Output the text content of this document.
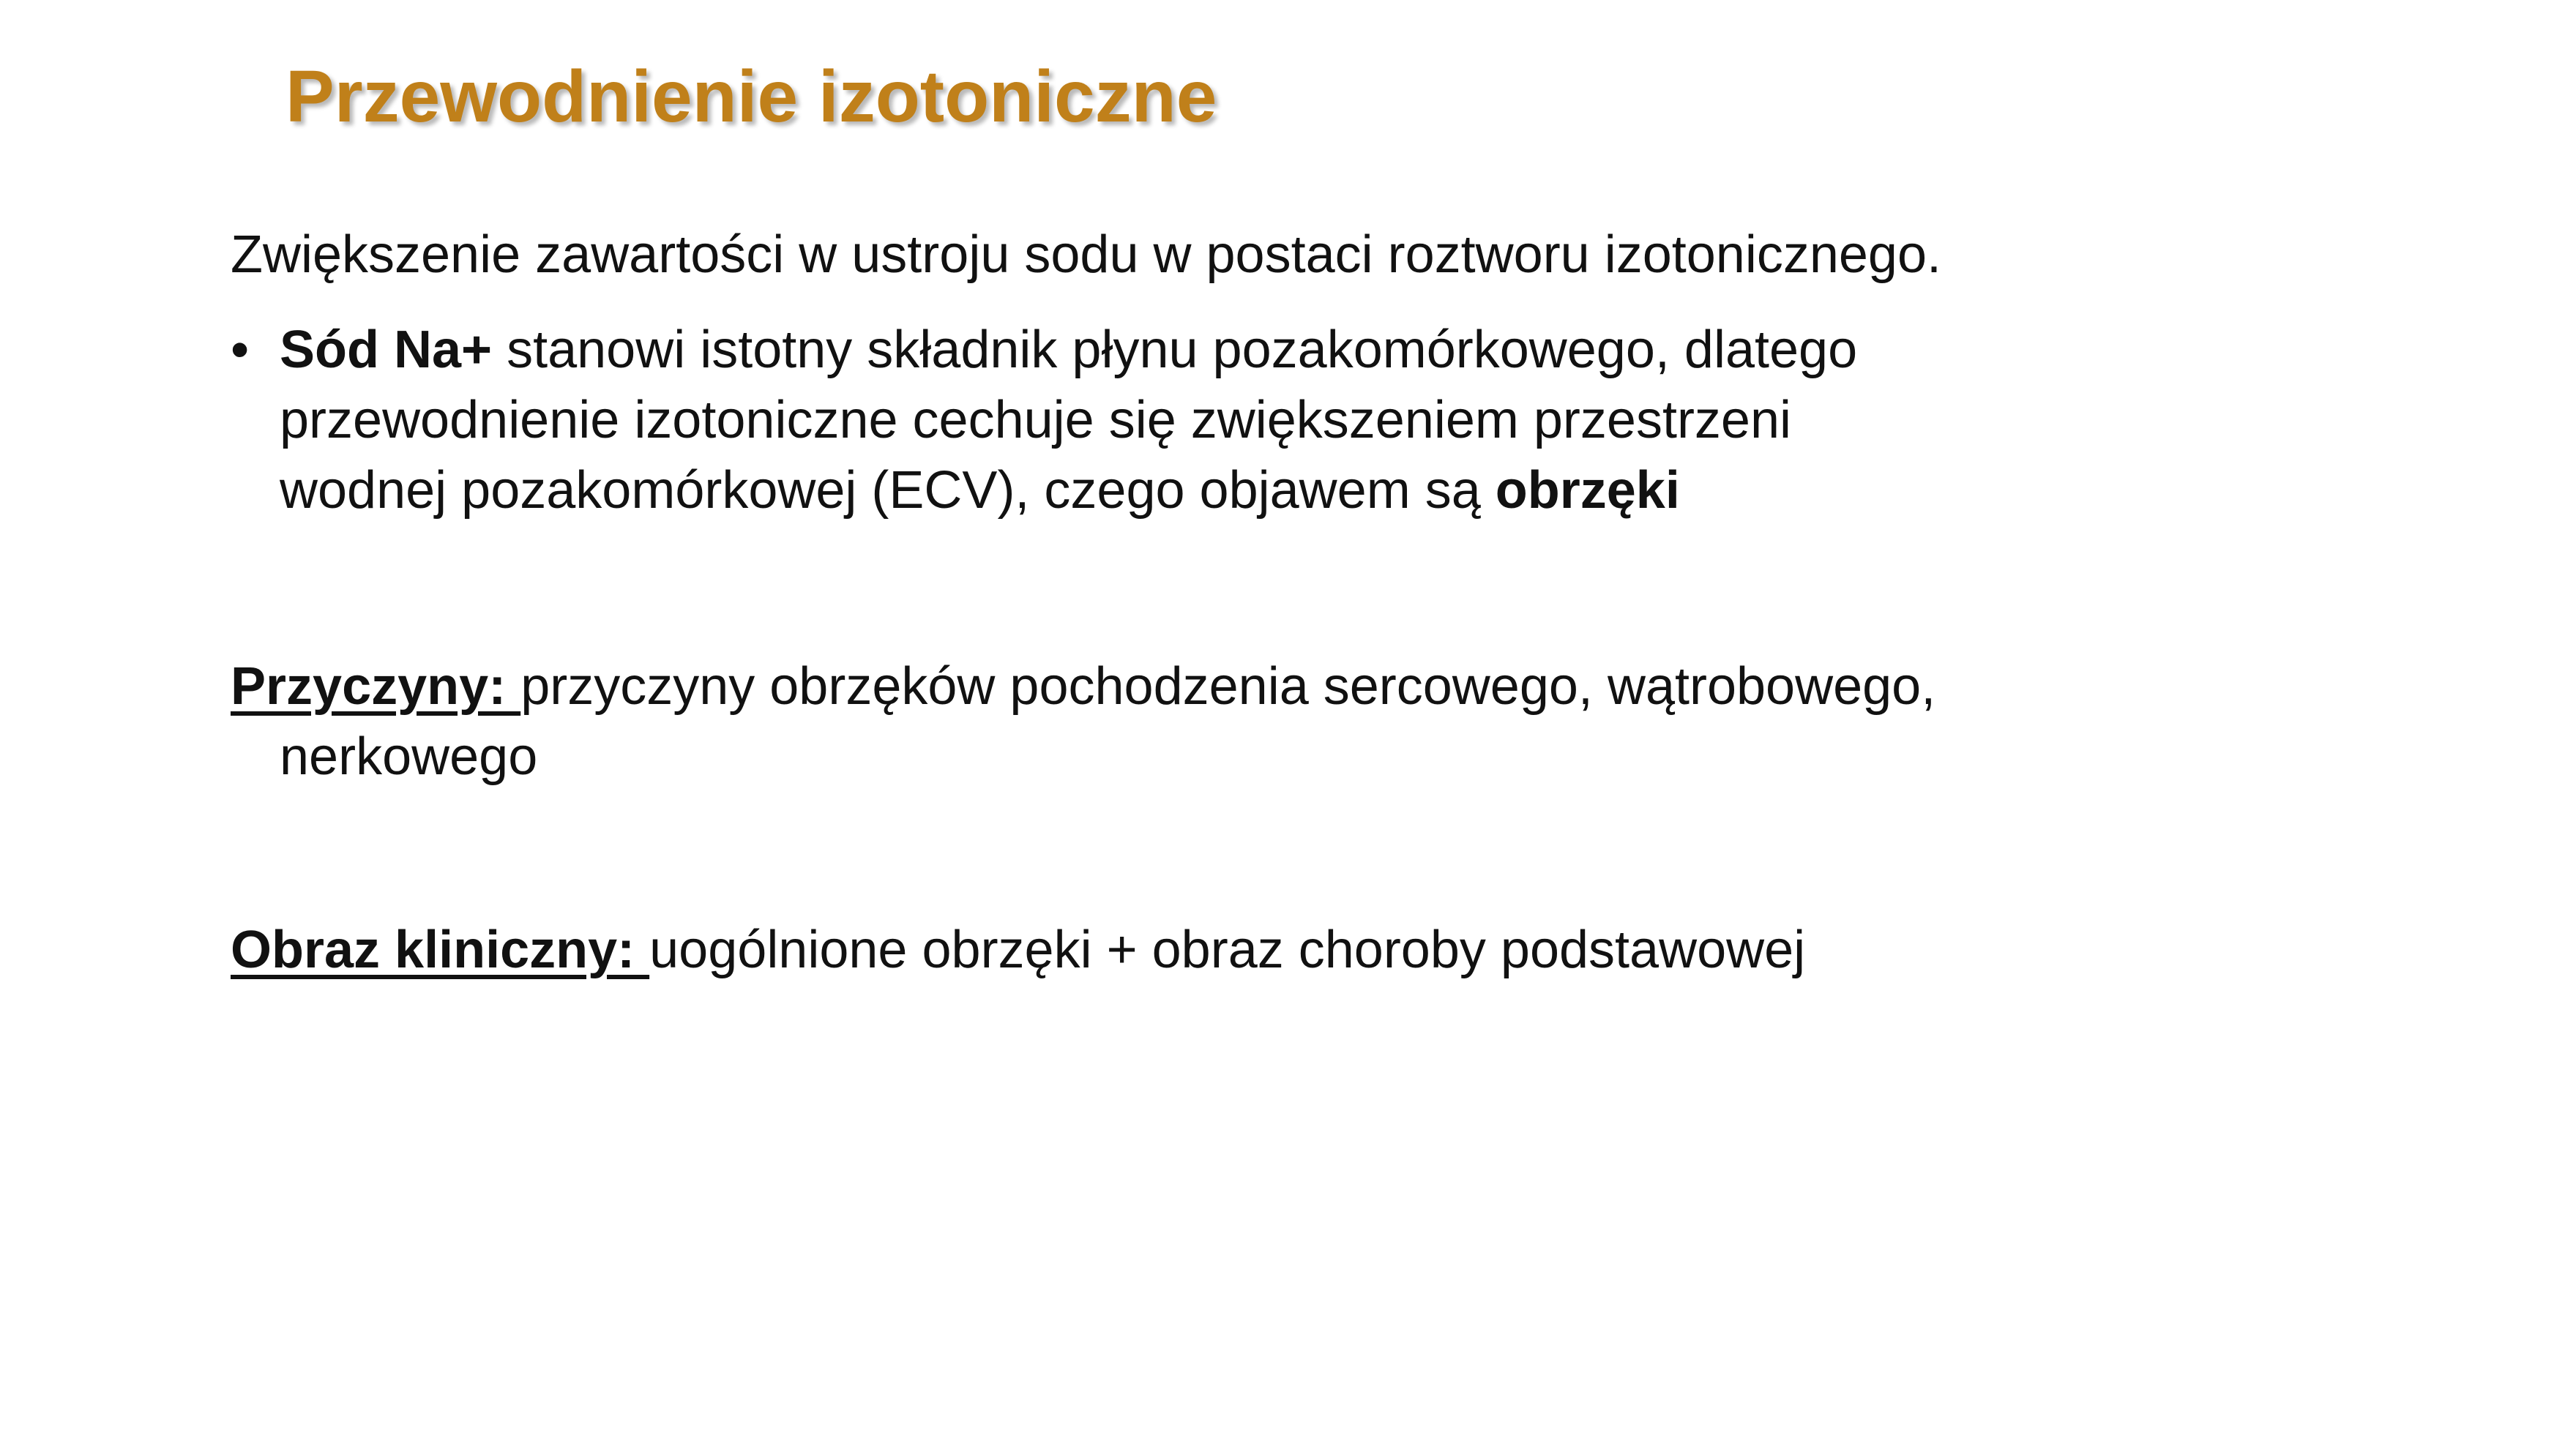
Przewodnienie izotoniczne

Zwiększenie zawartości w ustroju sodu w postaci roztworu izotonicznego.

• Sód Na+ stanowi istotny składnik płynu pozakomórkowego, dlatego
przewodnienie izotoniczne cechuje się zwiększeniem przestrzeni
wodnej pozakomórkowej (ECV), czego objawem są obrzęki
Przyczyny: przyczyny obrzęków pochodzenia sercowego, wątrobowego,
nerkowego

Obraz kliniczny: uogólnione obrzęki + obraz choroby podstawowej
